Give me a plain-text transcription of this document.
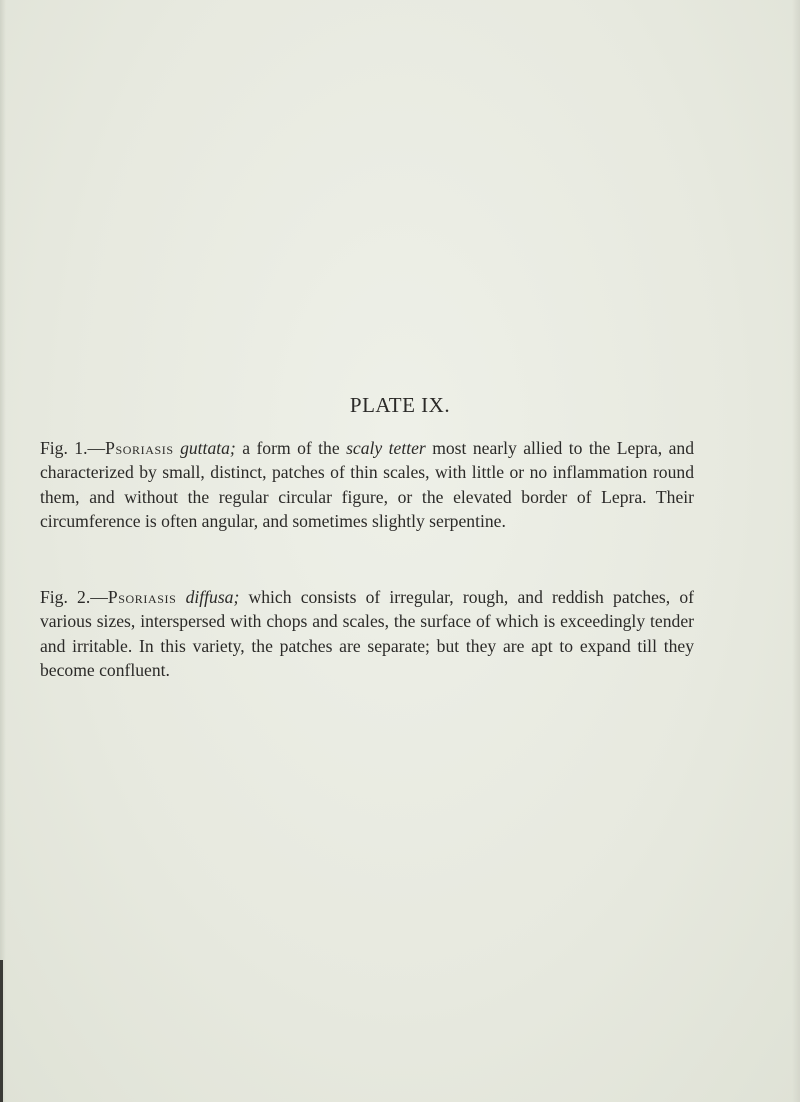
PLATE IX.

Fig. 1.—Psoriasis guttata; a form of the scaly tetter most nearly allied to the Lepra, and characterized by small, distinct, patches of thin scales, with little or no inflammation round them, and without the regular circular figure, or the elevated border of Lepra. Their circumference is often angular, and sometimes slightly serpentine.

Fig. 2.—Psoriasis diffusa; which consists of irregular, rough, and reddish patches, of various sizes, interspersed with chops and scales, the surface of which is exceedingly tender and irritable. In this variety, the patches are separate; but they are apt to expand till they become confluent.
